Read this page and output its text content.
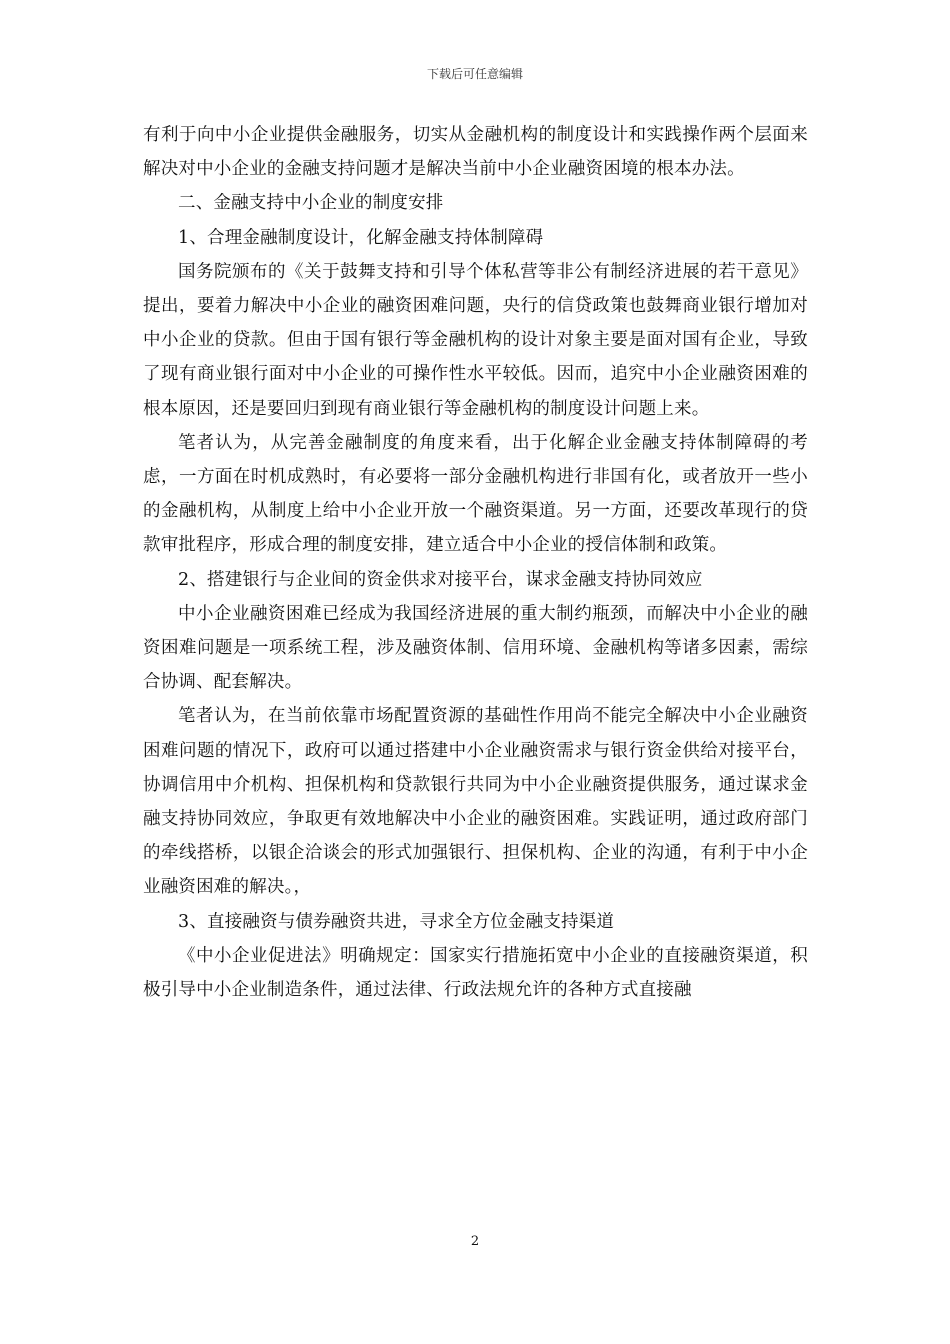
下载后可任意编辑

有利于向中小企业提供金融服务，切实从金融机构的制度设计和实践操作两个层面来解决对中小企业的金融支持问题才是解决当前中小企业融资困境的根本办法。

二、金融支持中小企业的制度安排

1、合理金融制度设计，化解金融支持体制障碍

国务院颁布的《关于鼓舞支持和引导个体私营等非公有制经济进展的若干意见》提出，要着力解决中小企业的融资困难问题，央行的信贷政策也鼓舞商业银行增加对中小企业的贷款。但由于国有银行等金融机构的设计对象主要是面对国有企业，导致了现有商业银行面对中小企业的可操作性水平较低。因而，追究中小企业融资困难的根本原因，还是要回归到现有商业银行等金融机构的制度设计问题上来。

笔者认为，从完善金融制度的角度来看，出于化解企业金融支持体制障碍的考虑，一方面在时机成熟时，有必要将一部分金融机构进行非国有化，或者放开一些小的金融机构，从制度上给中小企业开放一个融资渠道。另一方面，还要改革现行的贷款审批程序，形成合理的制度安排，建立适合中小企业的授信体制和政策。

2、搭建银行与企业间的资金供求对接平台，谋求金融支持协同效应

中小企业融资困难已经成为我国经济进展的重大制约瓶颈，而解决中小企业的融资困难问题是一项系统工程，涉及融资体制、信用环境、金融机构等诸多因素，需综合协调、配套解决。

笔者认为，在当前依靠市场配置资源的基础性作用尚不能完全解决中小企业融资困难问题的情况下，政府可以通过搭建中小企业融资需求与银行资金供给对接平台，协调信用中介机构、担保机构和贷款银行共同为中小企业融资提供服务，通过谋求金融支持协同效应，争取更有效地解决中小企业的融资困难。实践证明，通过政府部门的牵线搭桥，以银企洽谈会的形式加强银行、担保机构、企业的沟通，有利于中小企业融资困难的解决。，

3、直接融资与债券融资共进，寻求全方位金融支持渠道

《中小企业促进法》明确规定：国家实行措施拓宽中小企业的直接融资渠道，积极引导中小企业制造条件，通过法律、行政法规允许的各种方式直接融

2
